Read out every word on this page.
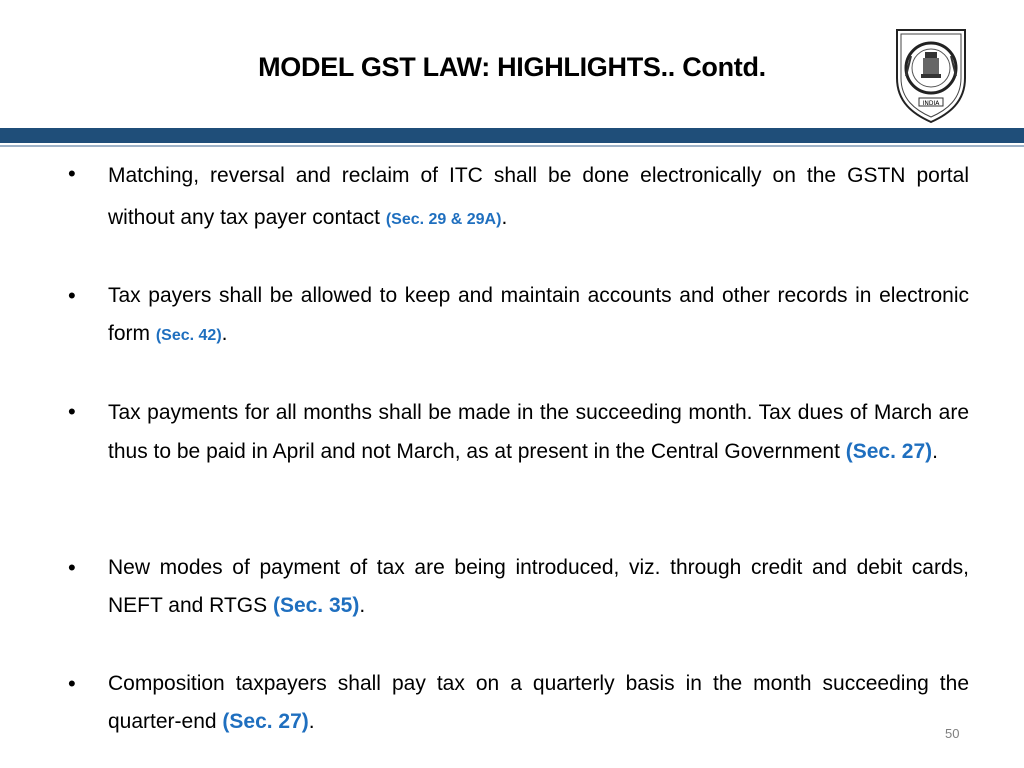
MODEL GST LAW: HIGHLIGHTS.. Contd.
INDIA
• Matching, reversal and reclaim of ITC shall be done electronically on the GSTN portal without any tax payer contact (Sec. 29 & 29A).
• Tax payers shall be allowed to keep and maintain accounts and other records in electronic form (Sec. 42).
• Tax payments for all months shall be made in the succeeding month. Tax dues of March are thus to be paid in April and not March, as at present in the Central Government (Sec. 27).
• New modes of payment of tax are being introduced, viz. through credit and debit cards, NEFT and RTGS (Sec. 35).
• Composition taxpayers shall pay tax on a quarterly basis in the month succeeding the quarter-end (Sec. 27).
50
